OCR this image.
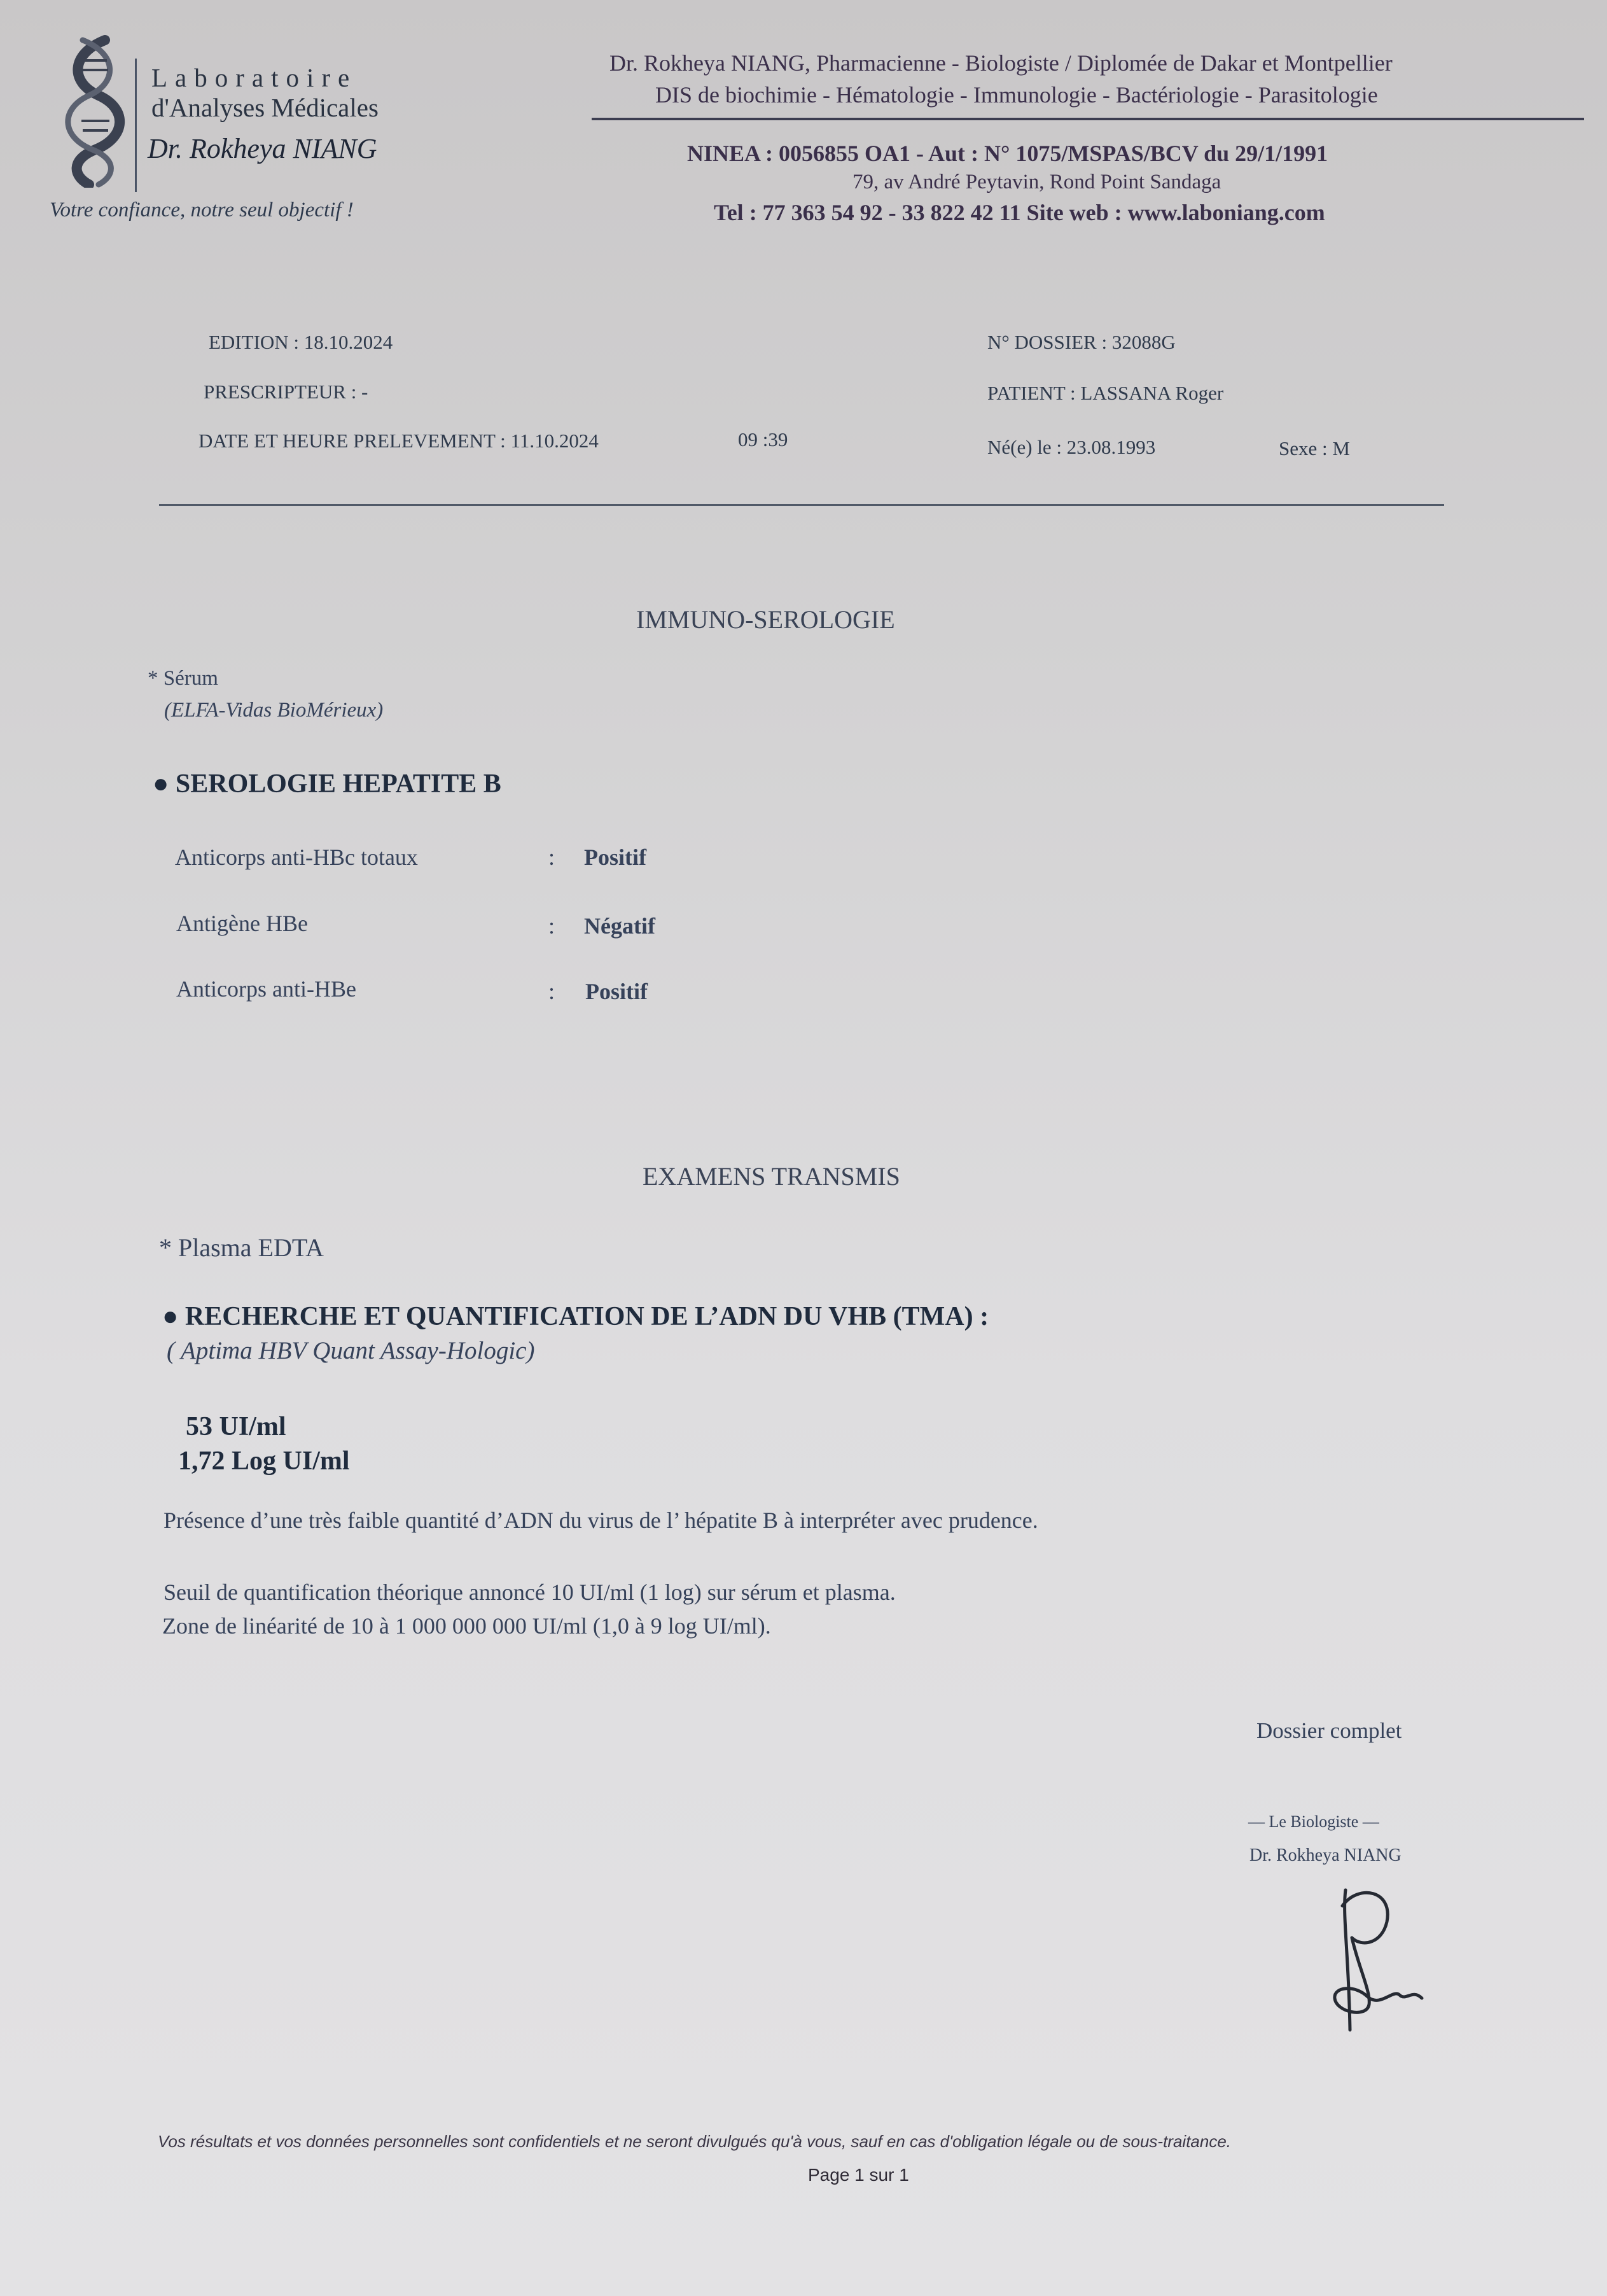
Laboratoire
d'Analyses Médicales
Dr. Rokheya NIANG
Votre confiance, notre seul objectif !
Dr. Rokheya NIANG, Pharmacienne - Biologiste / Diplomée de Dakar et Montpellier
DIS de biochimie - Hématologie - Immunologie - Bactériologie - Parasitologie
NINEA : 0056855 OA1 - Aut : N° 1075/MSPAS/BCV du 29/1/1991
79, av André Peytavin, Rond Point Sandaga
Tel : 77 363 54 92 - 33 822 42 11 Site web : www.laboniang.com
EDITION : 18.10.2024
PRESCRIPTEUR : -
DATE ET HEURE PRELEVEMENT : 11.10.2024	09 :39
N° DOSSIER : 32088G
PATIENT : LASSANA Roger
Né(e) le : 23.08.1993	Sexe : M
IMMUNO-SEROLOGIE
* Sérum
(ELFA-Vidas BioMérieux)
● SEROLOGIE HEPATITE B
Anticorps anti-HBc totaux	: Positif
Antigène HBe	: Négatif
Anticorps anti-HBe	: Positif
EXAMENS TRANSMIS
* Plasma EDTA
● RECHERCHE ET QUANTIFICATION DE L’ADN DU VHB (TMA) :
( Aptima HBV Quant Assay-Hologic)
53 UI/ml
1,72 Log UI/ml
Présence d’une très faible quantité d’ADN du virus de l’ hépatite B à interpréter avec prudence.
Seuil de quantification théorique annoncé 10 UI/ml (1 log) sur sérum et plasma.
Zone de linéarité de 10 à 1 000 000 000 UI/ml (1,0 à 9 log UI/ml).
Dossier complet
— Le Biologiste —
Dr. Rokheya NIANG
Vos résultats et vos données personnelles sont confidentiels et ne seront divulgués qu'à vous, sauf en cas d'obligation légale ou de sous-traitance.
Page 1 sur 1
